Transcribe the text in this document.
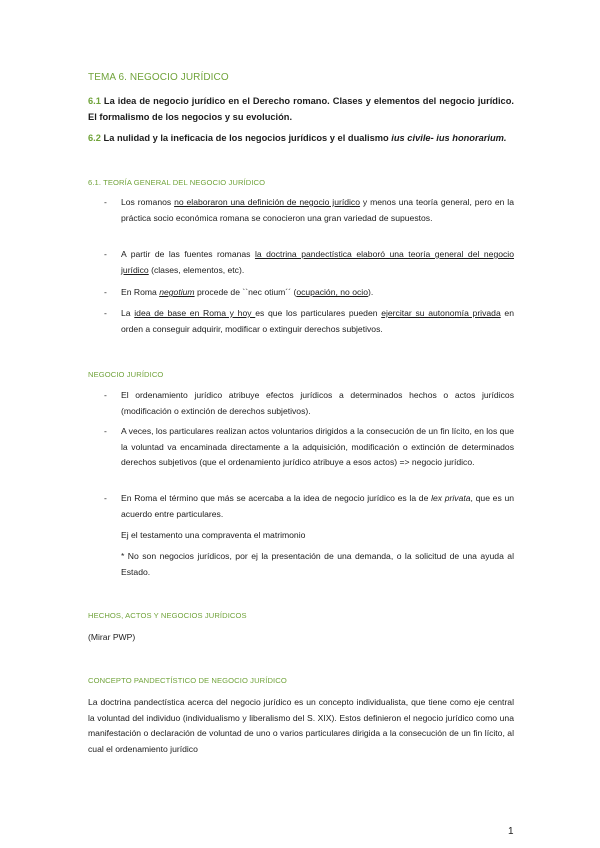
TEMA 6. NEGOCIO JURÍDICO

6.1 La idea de negocio jurídico en el Derecho romano. Clases y elementos del negocio jurídico. El formalismo de los negocios y su evolución.

6.2 La nulidad y la ineficacia de los negocios jurídicos y el dualismo ius civile- ius honorarium.

6.1. TEORÍA GENERAL DEL NEGOCIO JURÍDICO

- Los romanos no elaboraron una definición de negocio jurídico y menos una teoría general, pero en la práctica socio económica romana se conocieron una gran variedad de supuestos.
- A partir de las fuentes romanas la doctrina pandectística elaboró una teoría general del negocio jurídico (clases, elementos, etc).
- En Roma negotium procede de ``nec otium´´ (ocupación, no ocio).
- La idea de base en Roma y hoy es que los particulares pueden ejercitar su autonomía privada en orden a conseguir adquirir, modificar o extinguir derechos subjetivos.

NEGOCIO JURÍDICO

- El ordenamiento jurídico atribuye efectos jurídicos a determinados hechos o actos jurídicos (modificación o extinción de derechos subjetivos).
- A veces, los particulares realizan actos voluntarios dirigidos a la consecución de un fin lícito, en los que la voluntad va encaminada directamente a la adquisición, modificación o extinción de determinados derechos subjetivos (que el ordenamiento jurídico atribuye a esos actos) => negocio jurídico.
- En Roma el término que más se acercaba a la idea de negocio jurídico es la de lex privata, que es un acuerdo entre particulares.

Ej el testamento una compraventa el matrimonio

* No son negocios jurídicos, por ej la presentación de una demanda, o la solicitud de una ayuda al Estado.

HECHOS, ACTOS Y NEGOCIOS JURÍDICOS

(Mirar PWP)

CONCEPTO PANDECTÍSTICO DE NEGOCIO JURÍDICO

La doctrina pandectística acerca del negocio jurídico es un concepto individualista, que tiene como eje central la voluntad del individuo (individualismo y liberalismo del S. XIX). Estos definieron el negocio jurídico como una manifestación o declaración de voluntad de uno o varios particulares dirigida a la consecución de un fin lícito, al cual el ordenamiento jurídico

1
